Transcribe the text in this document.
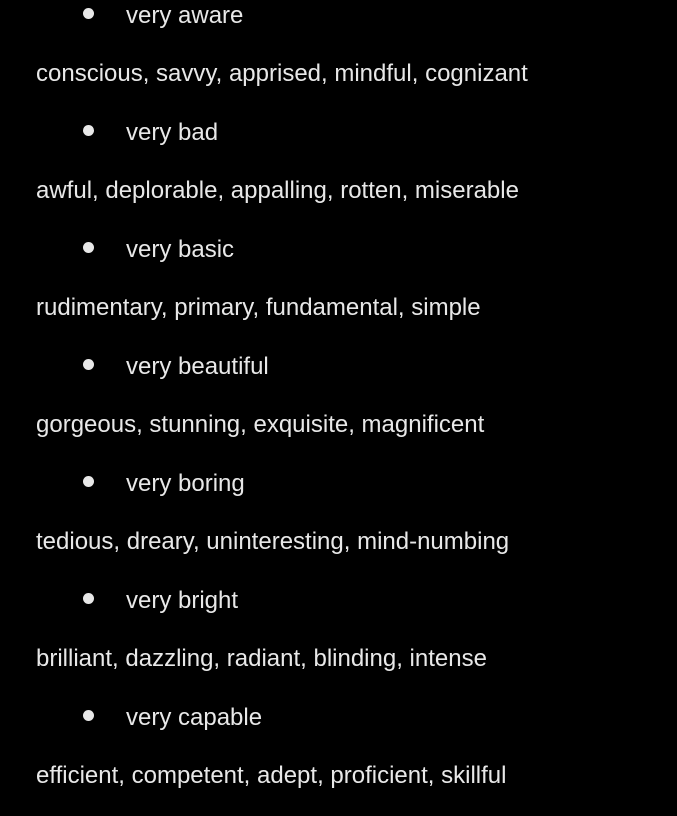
very aware
conscious, savvy, apprised, mindful, cognizant
very bad
awful, deplorable, appalling, rotten, miserable
very basic
rudimentary, primary, fundamental, simple
very beautiful
gorgeous, stunning, exquisite, magnificent
very boring
tedious, dreary, uninteresting, mind-numbing
very bright
brilliant, dazzling, radiant, blinding, intense
very capable
efficient, competent, adept, proficient, skillful
